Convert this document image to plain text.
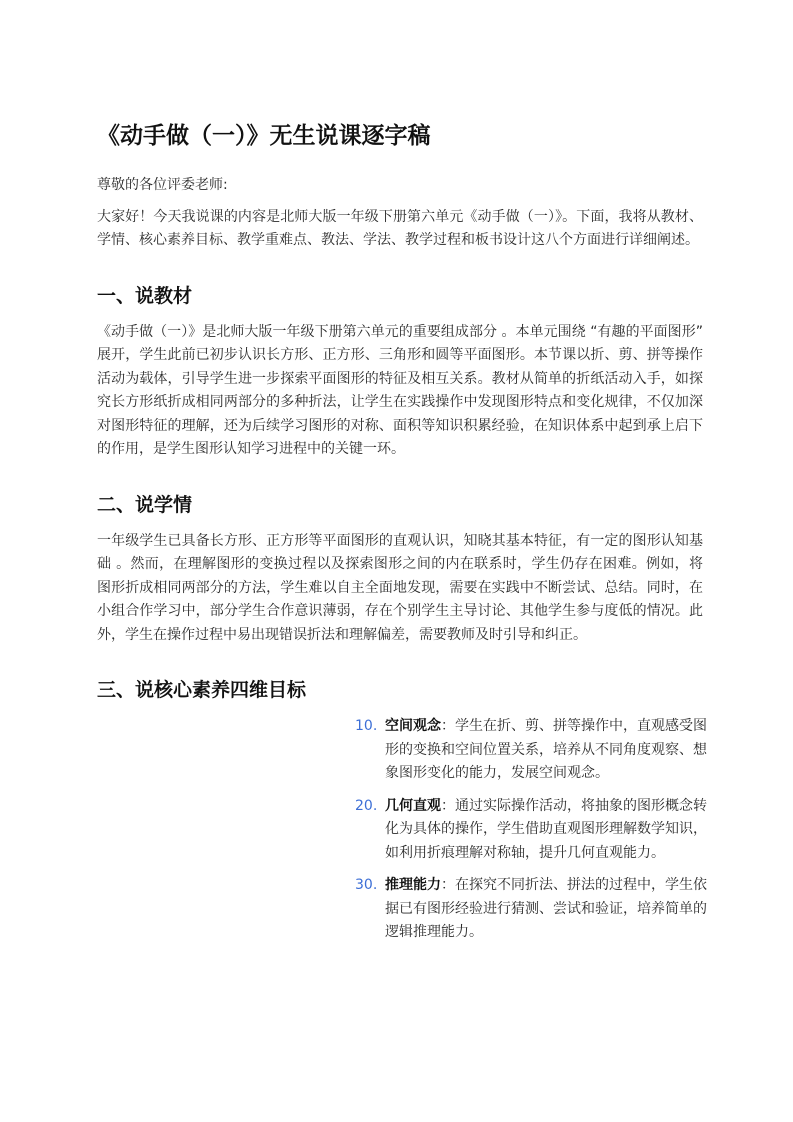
《动手做（一）》无生说课逐字稿

尊敬的各位评委老师:

大家好！今天我说课的内容是北师大版一年级下册第六单元《动手做（一）》。下面，我将从教材、学情、核心素养目标、教学重难点、教法、学法、教学过程和板书设计这八个方面进行详细阐述。

一、说教材

《动手做（一）》是北师大版一年级下册第六单元的重要组成部分 。本单元围绕 “有趣的平面图形” 展开，学生此前已初步认识长方形、正方形、三角形和圆等平面图形。本节课以折、剪、拼等操作活动为载体，引导学生进一步探索平面图形的特征及相互关系。教材从简单的折纸活动入手，如探究长方形纸折成相同两部分的多种折法，让学生在实践操作中发现图形特点和变化规律，不仅加深对图形特征的理解，还为后续学习图形的对称、面积等知识积累经验，在知识体系中起到承上启下的作用，是学生图形认知学习进程中的关键一环。

二、说学情

一年级学生已具备长方形、正方形等平面图形的直观认识，知晓其基本特征，有一定的图形认知基础 。然而，在理解图形的变换过程以及探索图形之间的内在联系时，学生仍存在困难。例如，将图形折成相同两部分的方法，学生难以自主全面地发现，需要在实践中不断尝试、总结。同时，在小组合作学习中，部分学生合作意识薄弱，存在个别学生主导讨论、其他学生参与度低的情况。此外，学生在操作过程中易出现错误折法和理解偏差，需要教师及时引导和纠正。

三、说核心素养四维目标
10. 空间观念：学生在折、剪、拼等操作中，直观感受图形的变换和空间位置关系，培养从不同角度观察、想象图形变化的能力，发展空间观念。
20. 几何直观：通过实际操作活动，将抽象的图形概念转化为具体的操作，学生借助直观图形理解数学知识，如利用折痕理解对称轴，提升几何直观能力。
30. 推理能力：在探究不同折法、拼法的过程中，学生依据已有图形经验进行猜测、尝试和验证，培养简单的逻辑推理能力。
